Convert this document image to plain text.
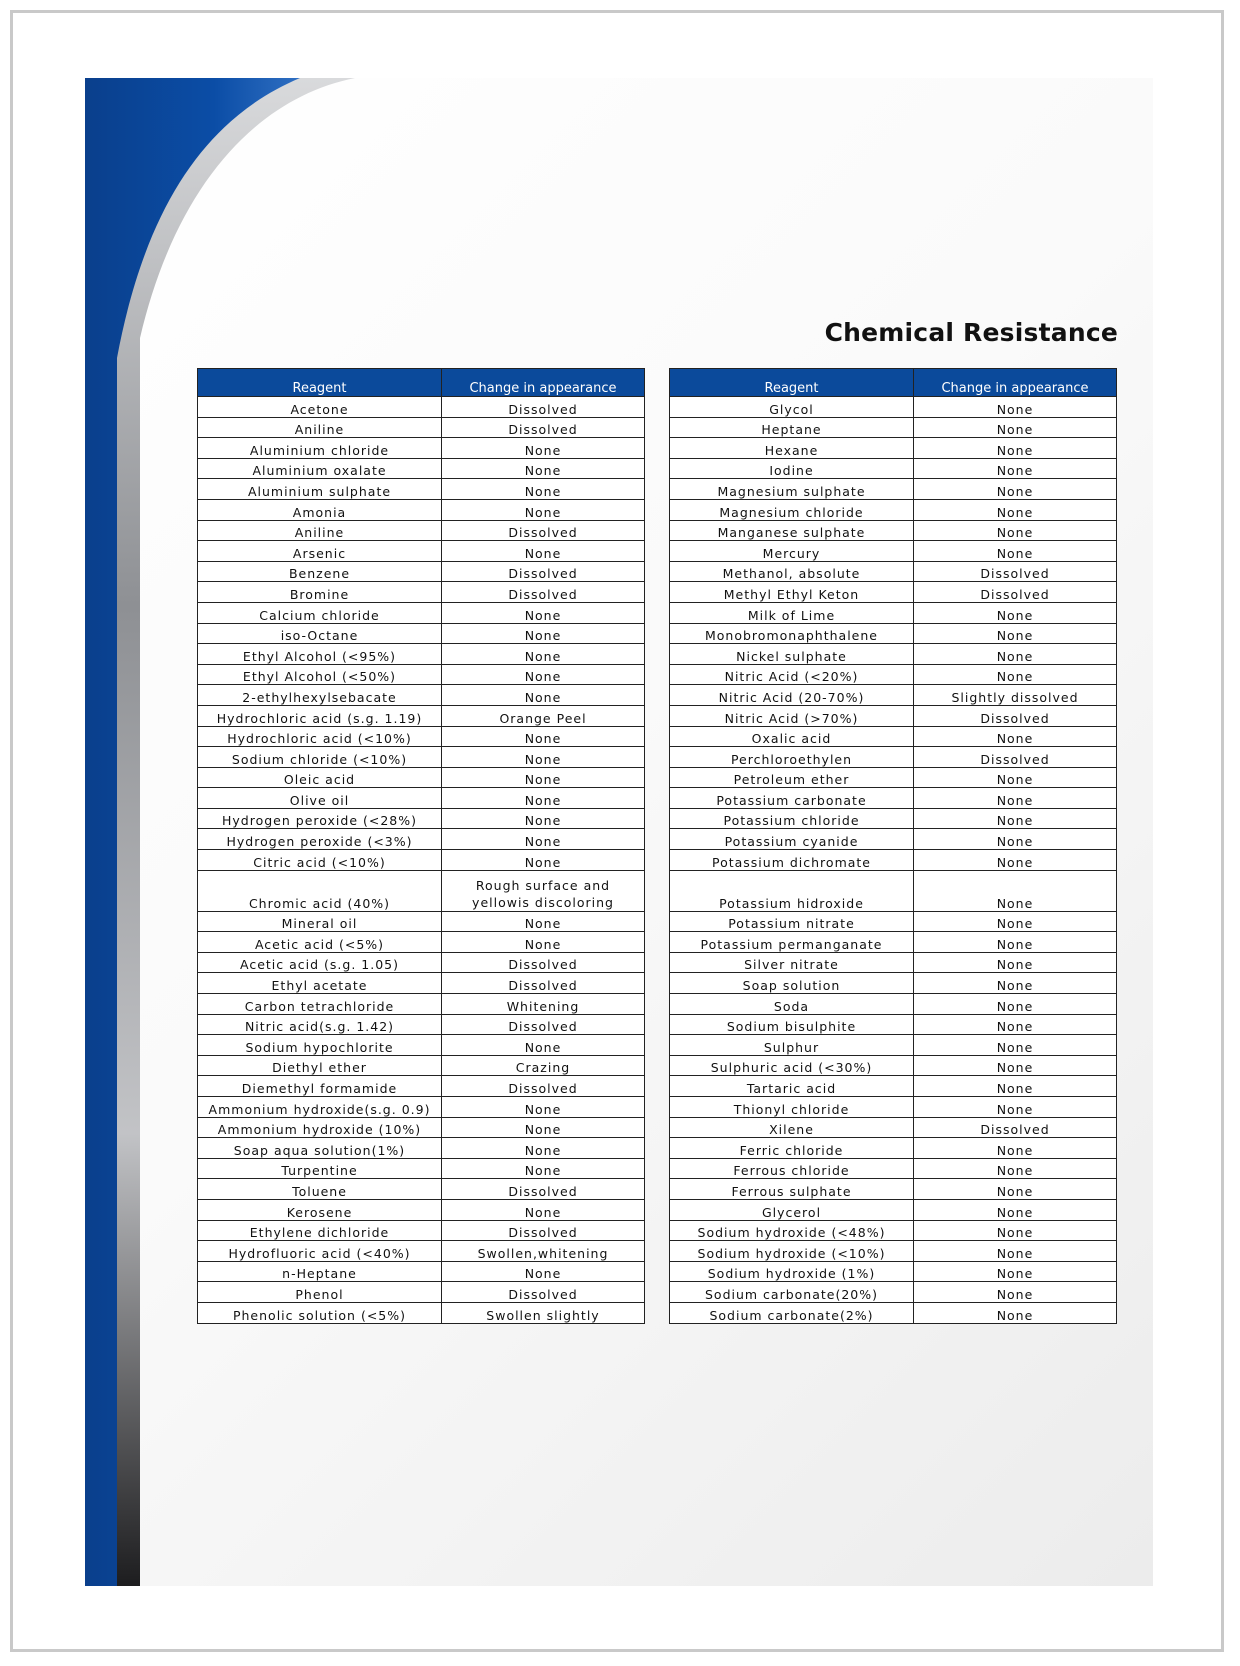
Chemical Resistance
Reagent	Change in appearance
Acetone	Dissolved
Aniline	Dissolved
Aluminium chloride	None
Aluminium oxalate	None
Aluminium sulphate	None
Amonia	None
Aniline	Dissolved
Arsenic	None
Benzene	Dissolved
Bromine	Dissolved
Calcium chloride	None
iso-Octane	None
Ethyl Alcohol (<95%)	None
Ethyl Alcohol (<50%)	None
2-ethylhexylsebacate	None
Hydrochloric acid (s.g. 1.19)	Orange Peel
Hydrochloric acid (<10%)	None
Sodium chloride (<10%)	None
Oleic acid	None
Olive oil	None
Hydrogen peroxide (<28%)	None
Hydrogen peroxide (<3%)	None
Citric acid (<10%)	None
Chromic acid (40%)	Rough surface and yellowis discoloring
Mineral oil	None
Acetic acid (<5%)	None
Acetic acid (s.g. 1.05)	Dissolved
Ethyl acetate	Dissolved
Carbon tetrachloride	Whitening
Nitric acid(s.g. 1.42)	Dissolved
Sodium hypochlorite	None
Diethyl ether	Crazing
Diemethyl formamide	Dissolved
Ammonium hydroxide(s.g. 0.9)	None
Ammonium hydroxide (10%)	None
Soap aqua solution(1%)	None
Turpentine	None
Toluene	Dissolved
Kerosene	None
Ethylene dichloride	Dissolved
Hydrofluoric acid (<40%)	Swollen,whitening
n-Heptane	None
Phenol	Dissolved
Phenolic solution (<5%)	Swollen slightly
Reagent	Change in appearance
Glycol	None
Heptane	None
Hexane	None
Iodine	None
Magnesium sulphate	None
Magnesium chloride	None
Manganese sulphate	None
Mercury	None
Methanol, absolute	Dissolved
Methyl Ethyl Keton	Dissolved
Milk of Lime	None
Monobromonaphthalene	None
Nickel sulphate	None
Nitric Acid (<20%)	None
Nitric Acid (20-70%)	Slightly dissolved
Nitric Acid (>70%)	Dissolved
Oxalic acid	None
Perchloroethylen	Dissolved
Petroleum ether	None
Potassium carbonate	None
Potassium chloride	None
Potassium cyanide	None
Potassium dichromate	None
Potassium hidroxide	None
Potassium nitrate	None
Potassium permanganate	None
Silver nitrate	None
Soap solution	None
Soda	None
Sodium bisulphite	None
Sulphur	None
Sulphuric acid (<30%)	None
Tartaric acid	None
Thionyl chloride	None
Xilene	Dissolved
Ferric chloride	None
Ferrous chloride	None
Ferrous sulphate	None
Glycerol	None
Sodium hydroxide (<48%)	None
Sodium hydroxide (<10%)	None
Sodium hydroxide (1%)	None
Sodium carbonate(20%)	None
Sodium carbonate(2%)	None
